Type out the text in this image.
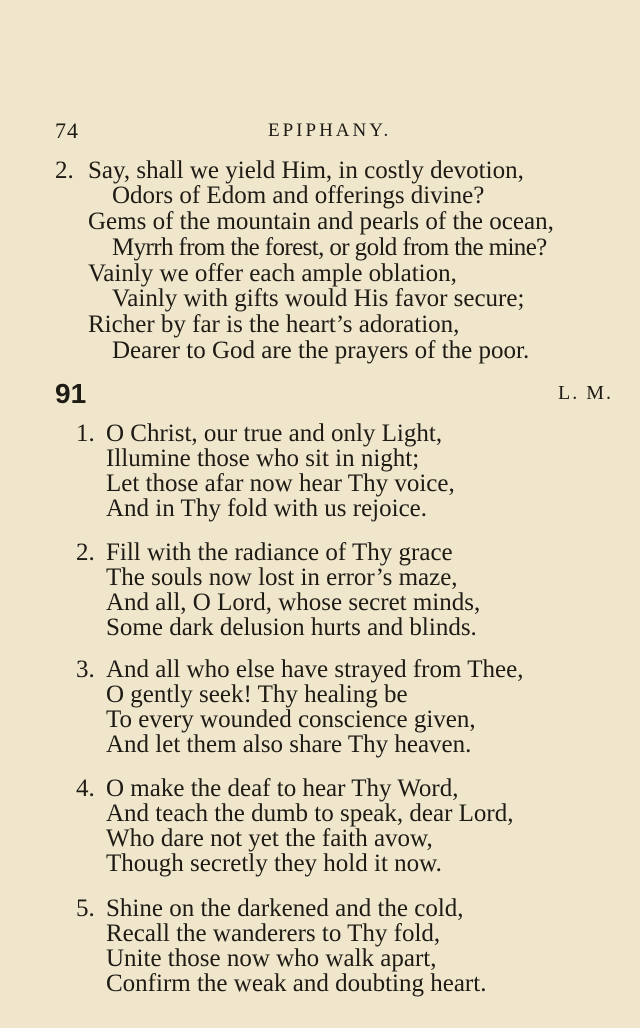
74	EPIPHANY.
2. Say, shall we yield Him, in costly devotion,
Odors of Edom and offerings divine?
Gems of the mountain and pearls of the ocean,
Myrrh from the forest, or gold from the mine?
Vainly we offer each ample oblation,
Vainly with gifts would His favor secure;
Richer by far is the heart’s adoration,
Dearer to God are the prayers of the poor.
91	L. M.
1. O Christ, our true and only Light,
Illumine those who sit in night;
Let those afar now hear Thy voice,
And in Thy fold with us rejoice.
2. Fill with the radiance of Thy grace
The souls now lost in error’s maze,
And all, O Lord, whose secret minds,
Some dark delusion hurts and blinds.
3. And all who else have strayed from Thee,
O gently seek! Thy healing be
To every wounded conscience given,
And let them also share Thy heaven.
4. O make the deaf to hear Thy Word,
And teach the dumb to speak, dear Lord,
Who dare not yet the faith avow,
Though secretly they hold it now.
5. Shine on the darkened and the cold,
Recall the wanderers to Thy fold,
Unite those now who walk apart,
Confirm the weak and doubting heart.
